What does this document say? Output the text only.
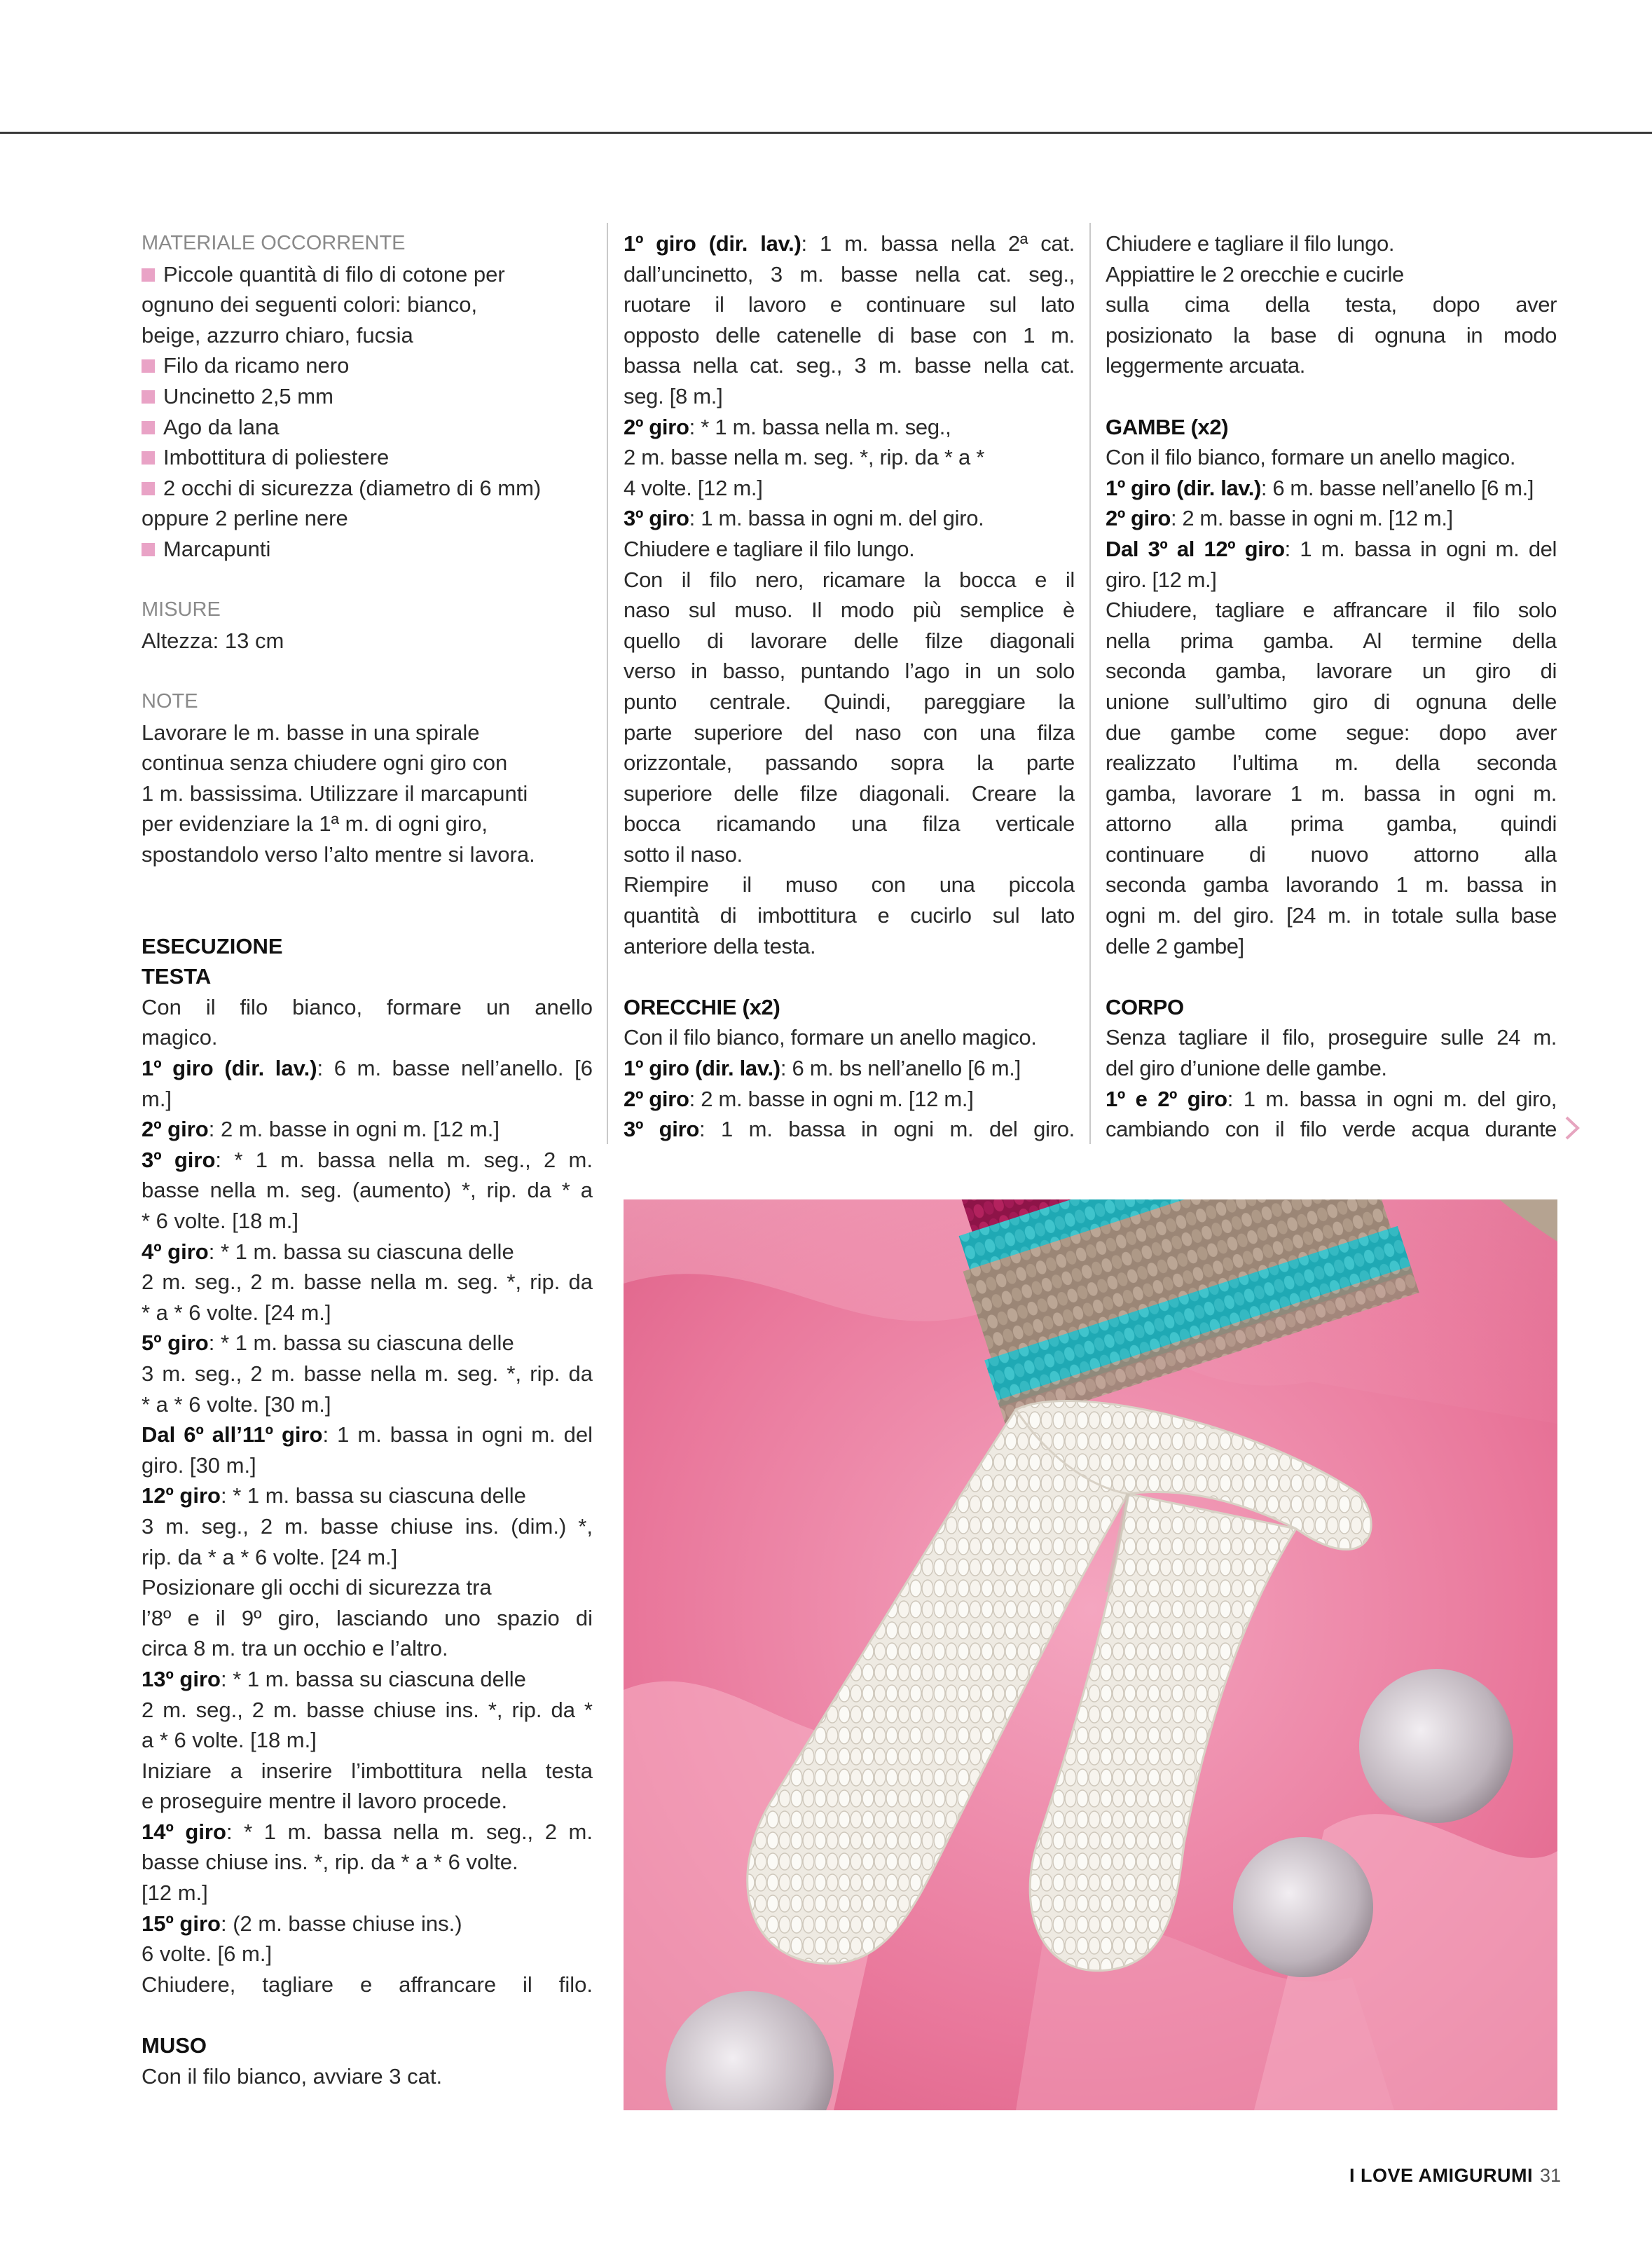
MATERIALE OCCORRENTE
Piccole quantità di filo di cotone per
ognuno dei seguenti colori: bianco,
beige, azzurro chiaro, fucsia
Filo da ricamo nero
Uncinetto 2,5 mm
Ago da lana
Imbottitura di poliestere
2 occhi di sicurezza (diametro di 6 mm)
oppure 2 perline nere
Marcapunti
MISURE
Altezza: 13 cm
NOTE
Lavorare le m. basse in una spirale
continua senza chiudere ogni giro con
1 m. bassissima. Utilizzare il marcapunti
per evidenziare la 1ª m. di ogni giro,
spostandolo verso l’alto mentre si lavora.
ESECUZIONE
TESTA
Con il filo bianco, formare un anello
magico.
1º giro (dir. lav.): 6 m. basse nell’anello. [6
m.]
2º giro: 2 m. basse in ogni m. [12 m.]
3º giro: * 1 m. bassa nella m. seg., 2 m.
basse nella m. seg. (aumento) *, rip. da * a
* 6 volte. [18 m.]
4º giro: * 1 m. bassa su ciascuna delle
2 m. seg., 2 m. basse nella m. seg. *, rip. da
* a * 6 volte. [24 m.]
5º giro: * 1 m. bassa su ciascuna delle
3 m. seg., 2 m. basse nella m. seg. *, rip. da
* a * 6 volte. [30 m.]
Dal 6º all’11º giro: 1 m. bassa in ogni m. del
giro. [30 m.]
12º giro: * 1 m. bassa su ciascuna delle
3 m. seg., 2 m. basse chiuse ins. (dim.) *,
rip. da * a * 6 volte. [24 m.]
Posizionare gli occhi di sicurezza tra
l’8º e il 9º giro, lasciando uno spazio di
circa 8 m. tra un occhio e l’altro.
13º giro: * 1 m. bassa su ciascuna delle
2 m. seg., 2 m. basse chiuse ins. *, rip. da *
a * 6 volte. [18 m.]
Iniziare a inserire l’imbottitura nella testa
e proseguire mentre il lavoro procede.
14º giro: * 1 m. bassa nella m. seg., 2 m.
basse chiuse ins. *, rip. da * a * 6 volte.
[12 m.]
15º giro: (2 m. basse chiuse ins.)
6 volte. [6 m.]
Chiudere, tagliare e affrancare il filo.
MUSO
Con il filo bianco, avviare 3 cat.
1º giro (dir. lav.): 1 m. bassa nella 2ª cat.
dall’uncinetto, 3 m. basse nella cat. seg.,
ruotare il lavoro e continuare sul lato
opposto delle catenelle di base con 1 m.
bassa nella cat. seg., 3 m. basse nella cat.
seg. [8 m.]
2º giro: * 1 m. bassa nella m. seg.,
2 m. basse nella m. seg. *, rip. da * a *
4 volte. [12 m.]
3º giro: 1 m. bassa in ogni m. del giro.
Chiudere e tagliare il filo lungo.
Con il filo nero, ricamare la bocca e il
naso sul muso. Il modo più semplice è
quello di lavorare delle filze diagonali
verso in basso, puntando l’ago in un solo
punto centrale. Quindi, pareggiare la
parte superiore del naso con una filza
orizzontale, passando sopra la parte
superiore delle filze diagonali. Creare la
bocca ricamando una filza verticale
sotto il naso.
Riempire il muso con una piccola
quantità di imbottitura e cucirlo sul lato
anteriore della testa.
ORECCHIE (x2)
Con il filo bianco, formare un anello magico.
1º giro (dir. lav.): 6 m. bs nell’anello [6 m.]
2º giro: 2 m. basse in ogni m. [12 m.]
3º giro: 1 m. bassa in ogni m. del giro.
Chiudere e tagliare il filo lungo.
Appiattire le 2 orecchie e cucirle
sulla cima della testa, dopo aver
posizionato la base di ognuna in modo
leggermente arcuata.
GAMBE (x2)
Con il filo bianco, formare un anello magico.
1º giro (dir. lav.): 6 m. basse nell’anello [6 m.]
2º giro: 2 m. basse in ogni m. [12 m.]
Dal 3º al 12º giro: 1 m. bassa in ogni m. del
giro. [12 m.]
Chiudere, tagliare e affrancare il filo solo
nella prima gamba. Al termine della
seconda gamba, lavorare un giro di
unione sull’ultimo giro di ognuna delle
due gambe come segue: dopo aver
realizzato l’ultima m. della seconda
gamba, lavorare 1 m. bassa in ogni m.
attorno alla prima gamba, quindi
continuare di nuovo attorno alla
seconda gamba lavorando 1 m. bassa in
ogni m. del giro. [24 m. in totale sulla base
delle 2 gambe]
CORPO
Senza tagliare il filo, proseguire sulle 24 m.
del giro d’unione delle gambe.
1º e 2º giro: 1 m. bassa in ogni m. del giro,
cambiando con il filo verde acqua durante
I LOVE AMIGURUMI 31
